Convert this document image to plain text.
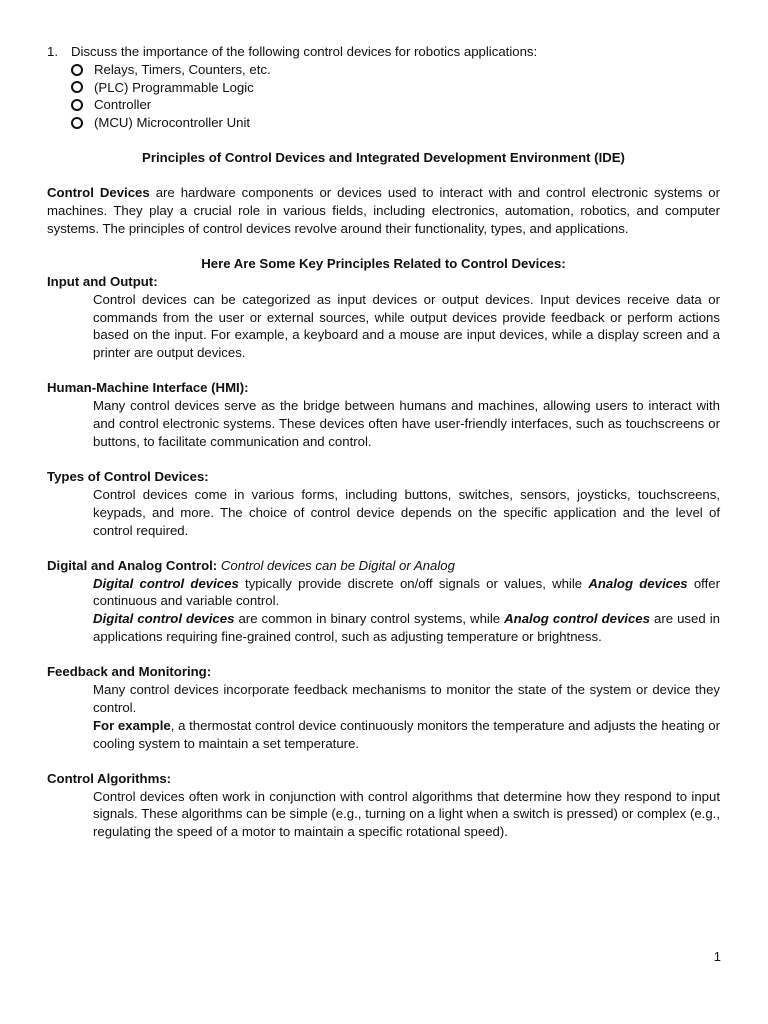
1. Discuss the importance of the following control devices for robotics applications:
Relays, Timers, Counters, etc.
(PLC) Programmable Logic
Controller
(MCU) Microcontroller Unit
Principles of Control Devices and Integrated Development Environment (IDE)

Control Devices are hardware components or devices used to interact with and control electronic systems or machines. They play a crucial role in various fields, including electronics, automation, robotics, and computer systems. The principles of control devices revolve around their functionality, types, and applications.

Here Are Some Key Principles Related to Control Devices:
Input and Output:
Control devices can be categorized as input devices or output devices. Input devices receive data or commands from the user or external sources, while output devices provide feedback or perform actions based on the input. For example, a keyboard and a mouse are input devices, while a display screen and a printer are output devices.
Human-Machine Interface (HMI):
Many control devices serve as the bridge between humans and machines, allowing users to interact with and control electronic systems. These devices often have user-friendly interfaces, such as touchscreens or buttons, to facilitate communication and control.
Types of Control Devices:
Control devices come in various forms, including buttons, switches, sensors, joysticks, touchscreens, keypads, and more. The choice of control device depends on the specific application and the level of control required.
Digital and Analog Control: Control devices can be Digital or Analog
Digital control devices typically provide discrete on/off signals or values, while Analog devices offer continuous and variable control.
Digital control devices are common in binary control systems, while Analog control devices are used in applications requiring fine-grained control, such as adjusting temperature or brightness.
Feedback and Monitoring:
Many control devices incorporate feedback mechanisms to monitor the state of the system or device they control.
For example, a thermostat control device continuously monitors the temperature and adjusts the heating or cooling system to maintain a set temperature.
Control Algorithms:
Control devices often work in conjunction with control algorithms that determine how they respond to input signals. These algorithms can be simple (e.g., turning on a light when a switch is pressed) or complex (e.g., regulating the speed of a motor to maintain a specific rotational speed).
1
